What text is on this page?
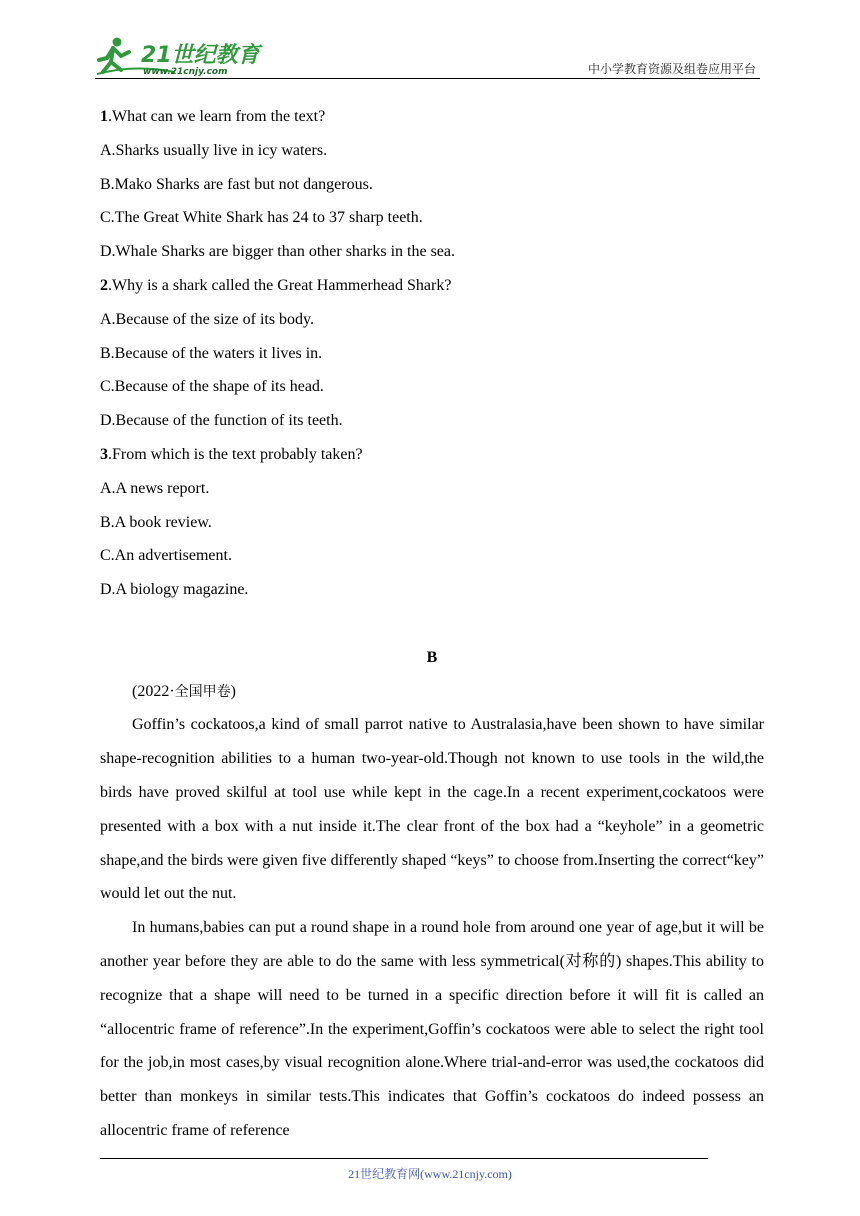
21世纪教育
www.21cnjy.com	中小学教育资源及组卷应用平台
1.What can we learn from the text?
A.Sharks usually live in icy waters.
B.Mako Sharks are fast but not dangerous.
C.The Great White Shark has 24 to 37 sharp teeth.
D.Whale Sharks are bigger than other sharks in the sea.
2.Why is a shark called the Great Hammerhead Shark?
A.Because of the size of its body.
B.Because of the waters it lives in.
C.Because of the shape of its head.
D.Because of the function of its teeth.
3.From which is the text probably taken?
A.A news report.
B.A book review.
C.An advertisement.
D.A biology magazine.
B
(2022·全国甲卷)

Goffin’s cockatoos,a kind of small parrot native to Australasia,have been shown to have similar shape-recognition abilities to a human two-year-old.Though not known to use tools in the wild,the birds have proved skilful at tool use while kept in the cage.In a recent experiment,cockatoos were presented with a box with a nut inside it.The clear front of the box had a “keyhole” in a geometric shape,and the birds were given five differently shaped “keys” to choose from.Inserting the correct“key” would let out the nut.

In humans,babies can put a round shape in a round hole from around one year of age,but it will be another year before they are able to do the same with less symmetrical(对称的) shapes.This ability to recognize that a shape will need to be turned in a specific direction before it will fit is called an “allocentric frame of reference”.In the experiment,Goffin’s cockatoos were able to select the right tool for the job,in most cases,by visual recognition alone.Where trial-and-error was used,the cockatoos did better than monkeys in similar tests.This indicates that Goffin’s cockatoos do indeed possess an allocentric frame of reference

21世纪教育网(www.21cnjy.com)
